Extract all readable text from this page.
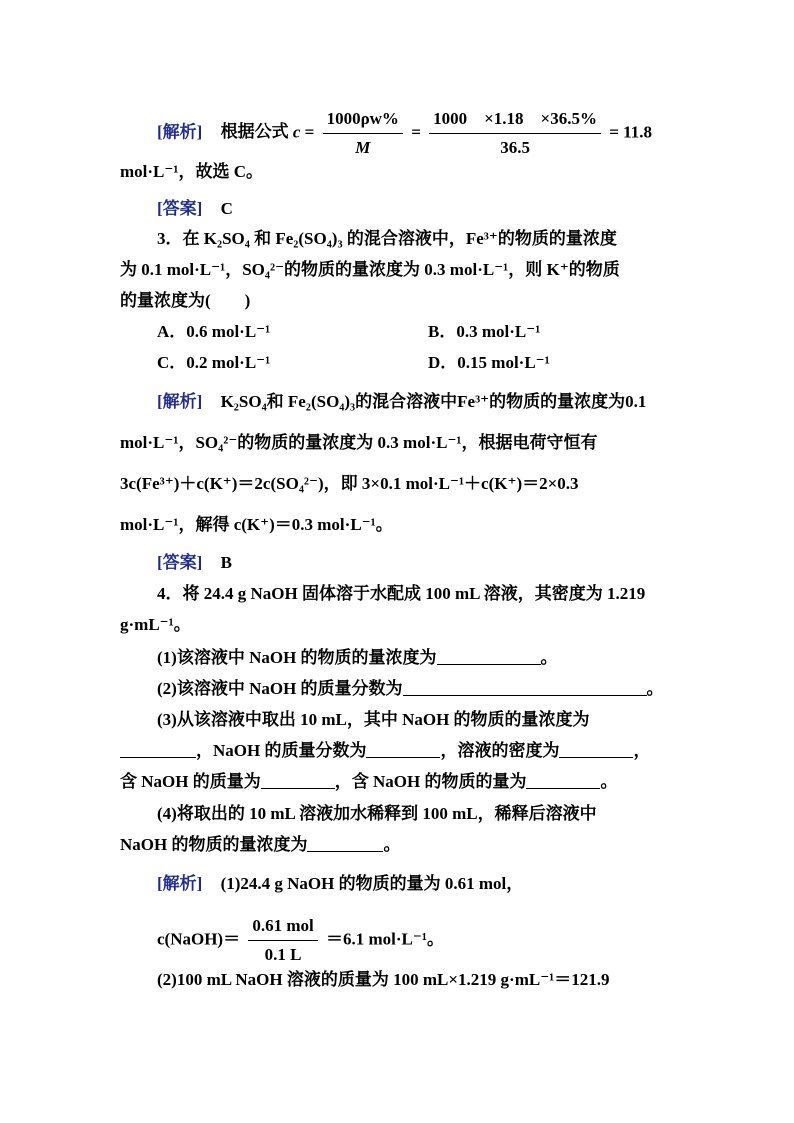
[解析] 根据公式 $c = \frac{1000\rho w\%}{M} = \frac{1000 \times 1.18 \times 36.5\%}{36.5} = 11.8$
mol·L⁻¹，故选 C。
[答案] C
3．在 K₂SO₄ 和 Fe₂(SO₄)₃ 的混合溶液中，Fe³⁺的物质的量浓度
为 0.1 mol·L⁻¹，SO₄²⁻的物质的量浓度为 0.3 mol·L⁻¹，则 K⁺的物质
的量浓度为(　　)
A．0.6 mol·L⁻¹	B．0.3 mol·L⁻¹
C．0.2 mol·L⁻¹	D．0.15 mol·L⁻¹
[解析] K₂SO₄和 Fe₂(SO₄)₃的混合溶液中Fe³⁺的物质的量浓度为0.1
mol·L⁻¹，SO₄²⁻的物质的量浓度为 0.3 mol·L⁻¹，根据电荷守恒有
3c(Fe³⁺)＋c(K⁺)＝2c(SO₄²⁻)，即 3×0.1 mol·L⁻¹＋c(K⁺)＝2×0.3
mol·L⁻¹，解得 c(K⁺)＝0.3 mol·L⁻¹。
[答案] B
4．将 24.4 g NaOH 固体溶于水配成 100 mL 溶液，其密度为 1.219
g·mL⁻¹。
(1)该溶液中 NaOH 的物质的量浓度为	。
(2)该溶液中 NaOH 的质量分数为	。
(3)从该溶液中取出 10 mL，其中 NaOH 的物质的量浓度为
，NaOH 的质量分数为	，溶液的密度为	，
含 NaOH 的质量为	，含 NaOH 的物质的量为	。
(4)将取出的 10 mL 溶液加水稀释到 100 mL，稀释后溶液中
NaOH 的物质的量浓度为	。
[解析] (1)24.4 g NaOH 的物质的量为 0.61 mol，
c(NaOH)＝ $\frac{\text{0.61 mol}}{0.1 L} =6.1$ mol·L⁻¹。
(2)100 mL NaOH 溶液的质量为 100 mL×1.219 g·mL⁻¹＝121.9
